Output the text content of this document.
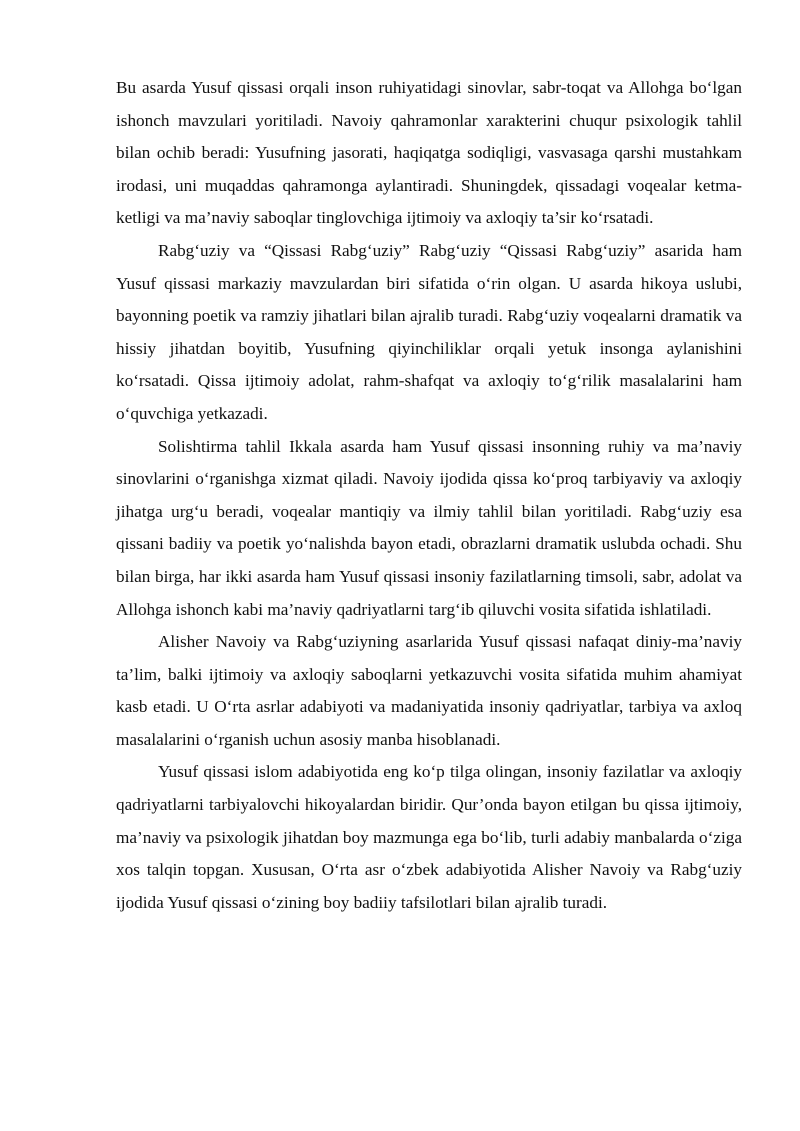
Bu asarda Yusuf qissasi orqali inson ruhiyatidagi sinovlar, sabr-toqat va Allohga bo‘lgan ishonch mavzulari yoritiladi. Navoiy qahramonlar xarakterini chuqur psixologik tahlil bilan ochib beradi: Yusufning jasorati, haqiqatga sodiqligi, vasvasaga qarshi mustahkam irodasi, uni muqaddas qahramonga aylantiradi. Shuningdek, qissadagi voqealar ketma-ketligi va ma’naviy saboqlar tinglovchiga ijtimoiy va axloqiy ta’sir ko‘rsatadi.

Rabg‘uziy va “Qissasi Rabg‘uziy” Rabg‘uziy “Qissasi Rabg‘uziy” asarida ham Yusuf qissasi markaziy mavzulardan biri sifatida o‘rin olgan. U asarda hikoya uslubi, bayonning poetik va ramziy jihatlari bilan ajralib turadi. Rabg‘uziy voqealarni dramatik va hissiy jihatdan boyitib, Yusufning qiyinchiliklar orqali yetuk insonga aylanishini ko‘rsatadi. Qissa ijtimoiy adolat, rahm-shafqat va axloqiy to‘g‘rilik masalalarini ham o‘quvchiga yetkazadi.

Solishtirma tahlil Ikkala asarda ham Yusuf qissasi insonning ruhiy va ma’naviy sinovlarini o‘rganishga xizmat qiladi. Navoiy ijodida qissa ko‘proq tarbiyaviy va axloqiy jihatga urg‘u beradi, voqealar mantiqiy va ilmiy tahlil bilan yoritiladi. Rabg‘uziy esa qissani badiiy va poetik yo‘nalishda bayon etadi, obrazlarni dramatik uslubda ochadi. Shu bilan birga, har ikki asarda ham Yusuf qissasi insoniy fazilatlarning timsoli, sabr, adolat va Allohga ishonch kabi ma’naviy qadriyatlarni targ‘ib qiluvchi vosita sifatida ishlatiladi.

Alisher Navoiy va Rabg‘uziyning asarlarida Yusuf qissasi nafaqat diniy-ma’naviy ta’lim, balki ijtimoiy va axloqiy saboqlarni yetkazuvchi vosita sifatida muhim ahamiyat kasb etadi. U O‘rta asrlar adabiyoti va madaniyatida insoniy qadriyatlar, tarbiya va axloq masalalarini o‘rganish uchun asosiy manba hisoblanadi.

Yusuf qissasi islom adabiyotida eng ko‘p tilga olingan, insoniy fazilatlar va axloqiy qadriyatlarni tarbiyalovchi hikoyalardan biridir. Qur’onda bayon etilgan bu qissa ijtimoiy, ma’naviy va psixologik jihatdan boy mazmunga ega bo‘lib, turli adabiy manbalarda o‘ziga xos talqin topgan. Xususan, O‘rta asr o‘zbek adabiyotida Alisher Navoiy va Rabg‘uziy ijodida Yusuf qissasi o‘zining boy badiiy tafsilotlari bilan ajralib turadi.
